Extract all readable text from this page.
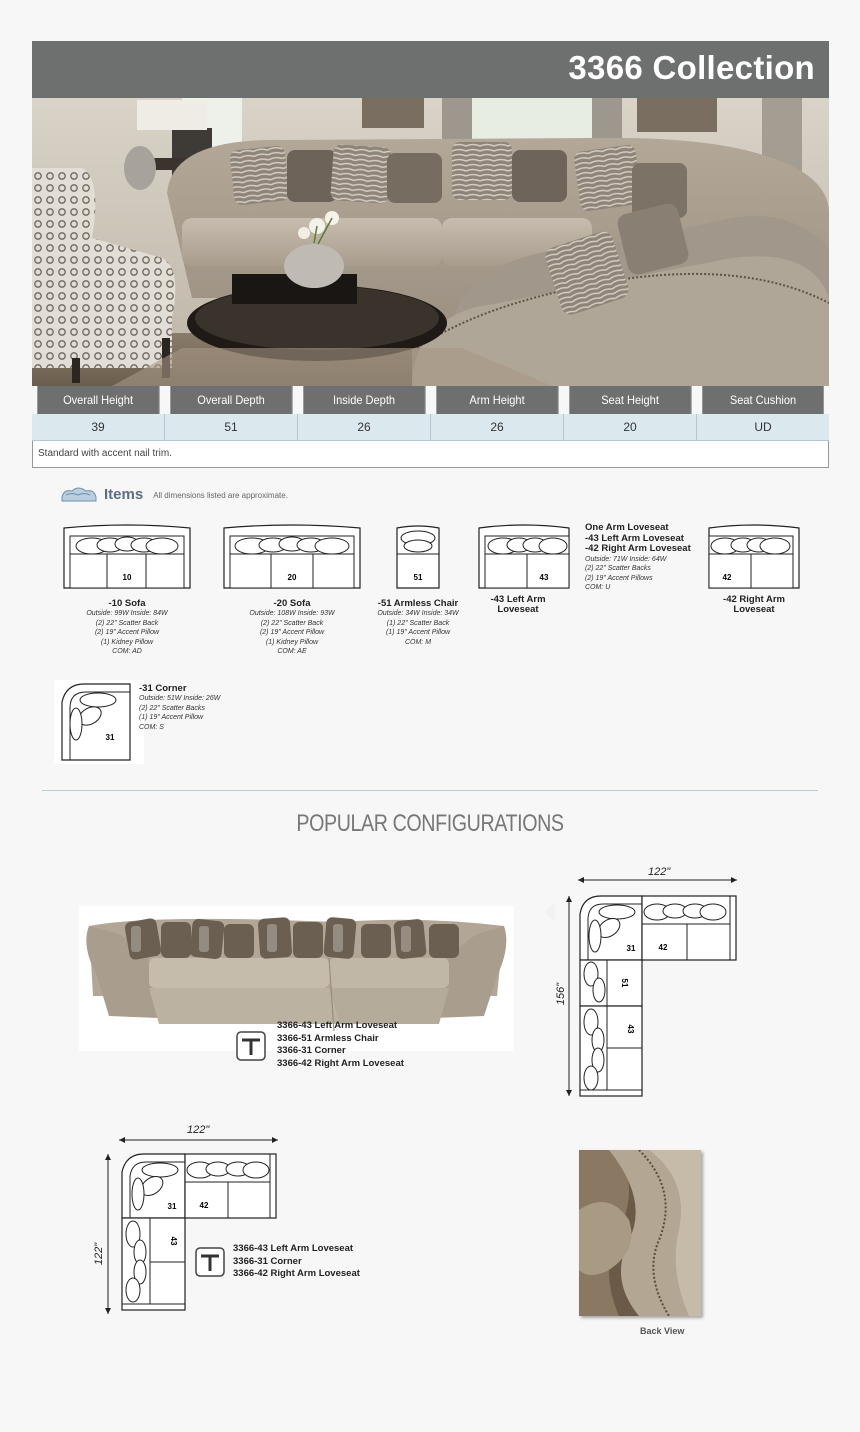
3366 Collection
Overall Height	Overall Depth	Inside Depth	Arm Height	Seat Height	Seat Cushion
39	51	26	26	20	UD
Standard with accent nail trim.
Items All dimensions listed are approximate.
10	20	51	43	42
31
-10 Sofa
Outside: 99W Inside: 84W
(2) 22" Scatter Back
(2) 19" Accent Pillow
(1) Kidney Pillow
COM: AD
-20 Sofa
Outside: 108W Inside: 93W
(2) 22" Scatter Back
(2) 19" Accent Pillow
(1) Kidney Pillow
COM: AE
-51 Armless Chair
Outside: 34W Inside: 34W
(1) 22" Scatter Back
(1) 19" Accent Pillow
COM: M
-43 Left Arm
Loveseat
-42 Right Arm
Loveseat
One Arm Loveseat
-43 Left Arm Loveseat
-42 Right Arm Loveseat
Outside: 71W Inside: 64W
(2) 22" Scatter Backs
(2) 19" Accent Pillows
COM: U
-31 Corner
Outside: 51W Inside: 26W
(2) 22" Scatter Backs
(1) 19" Accent Pillow
COM: S
POPULAR CONFIGURATIONS
3366-43 Left Arm Loveseat
3366-51 Armless Chair
3366-31 Corner
3366-42 Right Arm Loveseat
31	42
51
43
122"
156"
31	42
43
122"
122"	3366-43 Left Arm Loveseat
3366-31 Corner
3366-42 Right Arm Loveseat
Back View
